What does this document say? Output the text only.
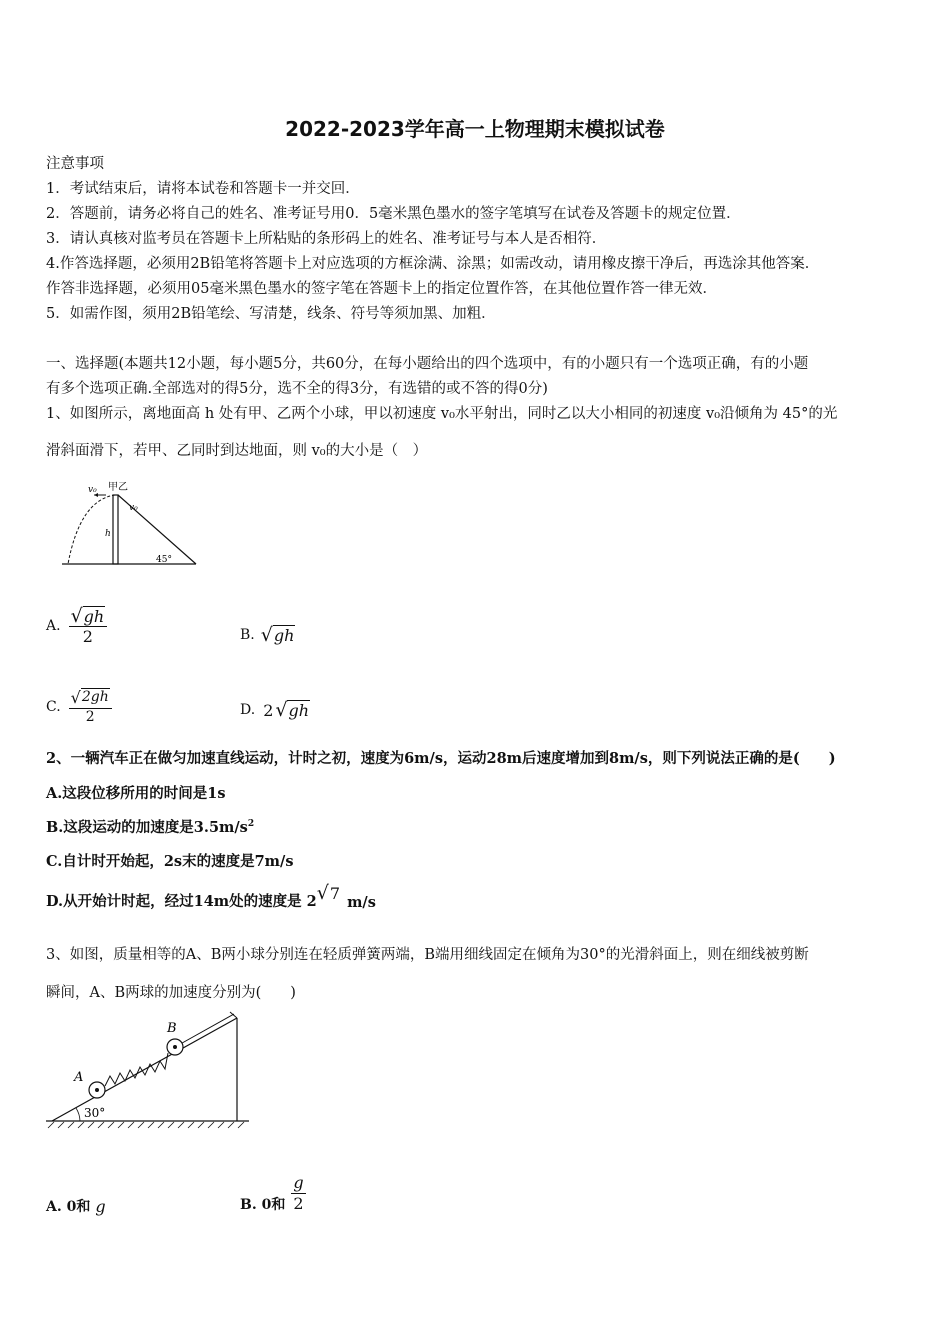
2022-2023学年高一上物理期末模拟试卷
注意事项
1．考试结束后，请将本试卷和答题卡一并交回．
2．答题前，请务必将自己的姓名、准考证号用0．5毫米黑色墨水的签字笔填写在试卷及答题卡的规定位置．
3．请认真核对监考员在答题卡上所粘贴的条形码上的姓名、准考证号与本人是否相符．
4.作答选择题，必须用2B铅笔将答题卡上对应选项的方框涂满、涂黑；如需改动，请用橡皮擦干净后，再选涂其他答案．
作答非选择题，必须用05毫米黑色墨水的签字笔在答题卡上的指定位置作答，在其他位置作答一律无效．
5．如需作图，须用2B铅笔绘、写清楚，线条、符号等须加黑、加粗．
一、选择题(本题共12小题，每小题5分，共60分，在每小题给出的四个选项中，有的小题只有一个选项正确，有的小题
有多个选项正确.全部选对的得5分，选不全的得3分，有选错的或不答的得0分)
1、如图所示，离地面高 h 处有甲、乙两个小球，甲以初速度 v₀水平射出，同时乙以大小相同的初速度 v₀沿倾角为 45°的光
滑斜面滑下，若甲、乙同时到达地面，则 v₀的大小是（　）
甲乙
v₀
v₀
h
45°
A. $\frac{√ gh}{2}$	B. √ gh
C. $\frac{√ 2gh}{2}$	D. 2 √ gh
2、一辆汽车正在做匀加速直线运动，计时之初，速度为6m/s，运动28m后速度增加到8m/s，则下列说法正确的是(　　)
A.这段位移所用的时间是1s
B.这段运动的加速度是$3.5m/s^2$
C.自计时开始起，2s末的速度是7m/s
D.从开始计时起，经过14m处的速度是 2 √ 7 m/s
3、如图，质量相等的A、B两小球分别连在轻质弹簧两端，B端用细线固定在倾角为30°的光滑斜面上，则在细线被剪断
瞬间，A、B两球的加速度分别为(　　)
30°
A
B
A. 0和 g	B. 0和 $\frac{g}{2}$
